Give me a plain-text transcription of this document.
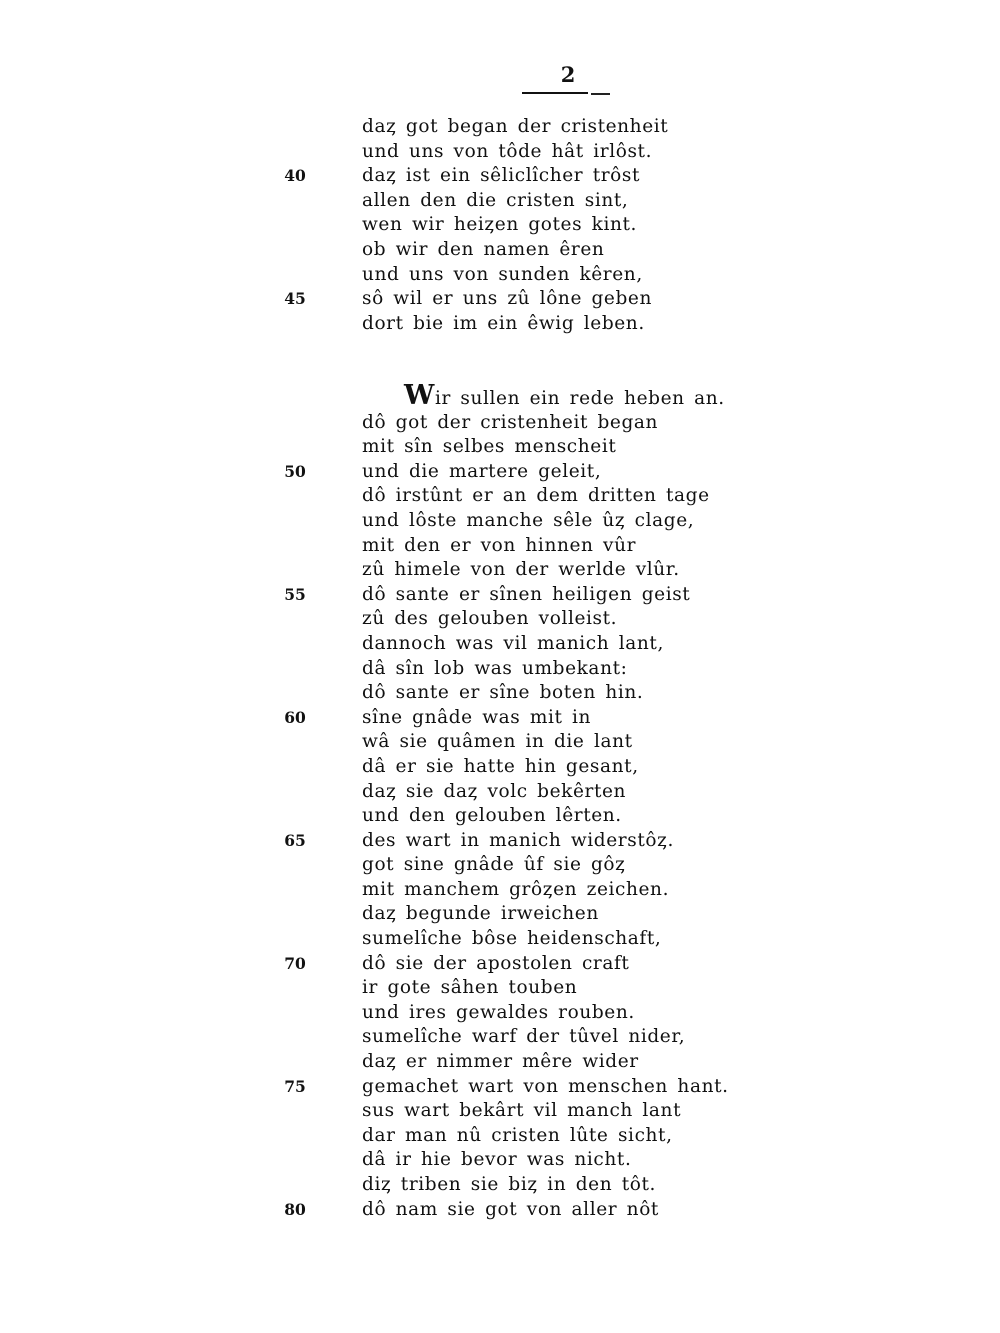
2
daȥ got began der cristenheit
und uns von tôde hât irlôst.
40	daȥ ist ein sêliclîcher trôst
allen den die cristen sint,
wen wir heiȥen gotes kint.
ob wir den namen êren
und uns von sunden kêren,
45	sô wil er uns zû lône geben
dort bie im ein êwig leben.
Wir sullen ein rede heben an.
dô got der cristenheit began
mit sîn selbes menscheit
50	und die martere geleit,
dô irstûnt er an dem dritten tage
und lôste manche sêle ûȥ clage,
mit den er von hinnen vûr
zû himele von der werlde vlûr.
55	dô sante er sînen heiligen geist
zû des gelouben volleist.
dannoch was vil manich lant,
dâ sîn lob was umbekant:
dô sante er sîne boten hin.
60	sîne gnâde was mit in
wâ sie quâmen in die lant
dâ er sie hatte hin gesant,
daȥ sie daȥ volc bekêrten
und den gelouben lêrten.
65	des wart in manich widerstôȥ.
got sine gnâde ûf sie gôȥ
mit manchem grôȥen zeichen.
daȥ begunde irweichen
sumelîche bôse heidenschaft,
70	dô sie der apostolen craft
ir gote sâhen touben
und ires gewaldes rouben.
sumelîche warf der tûvel nider,
daȥ er nimmer mêre wider
75	gemachet wart von menschen hant.
sus wart bekârt vil manch lant
dar man nû cristen lûte sicht,
dâ ir hie bevor was nicht.
diȥ triben sie biȥ in den tôt.
80	dô nam sie got von aller nôt
